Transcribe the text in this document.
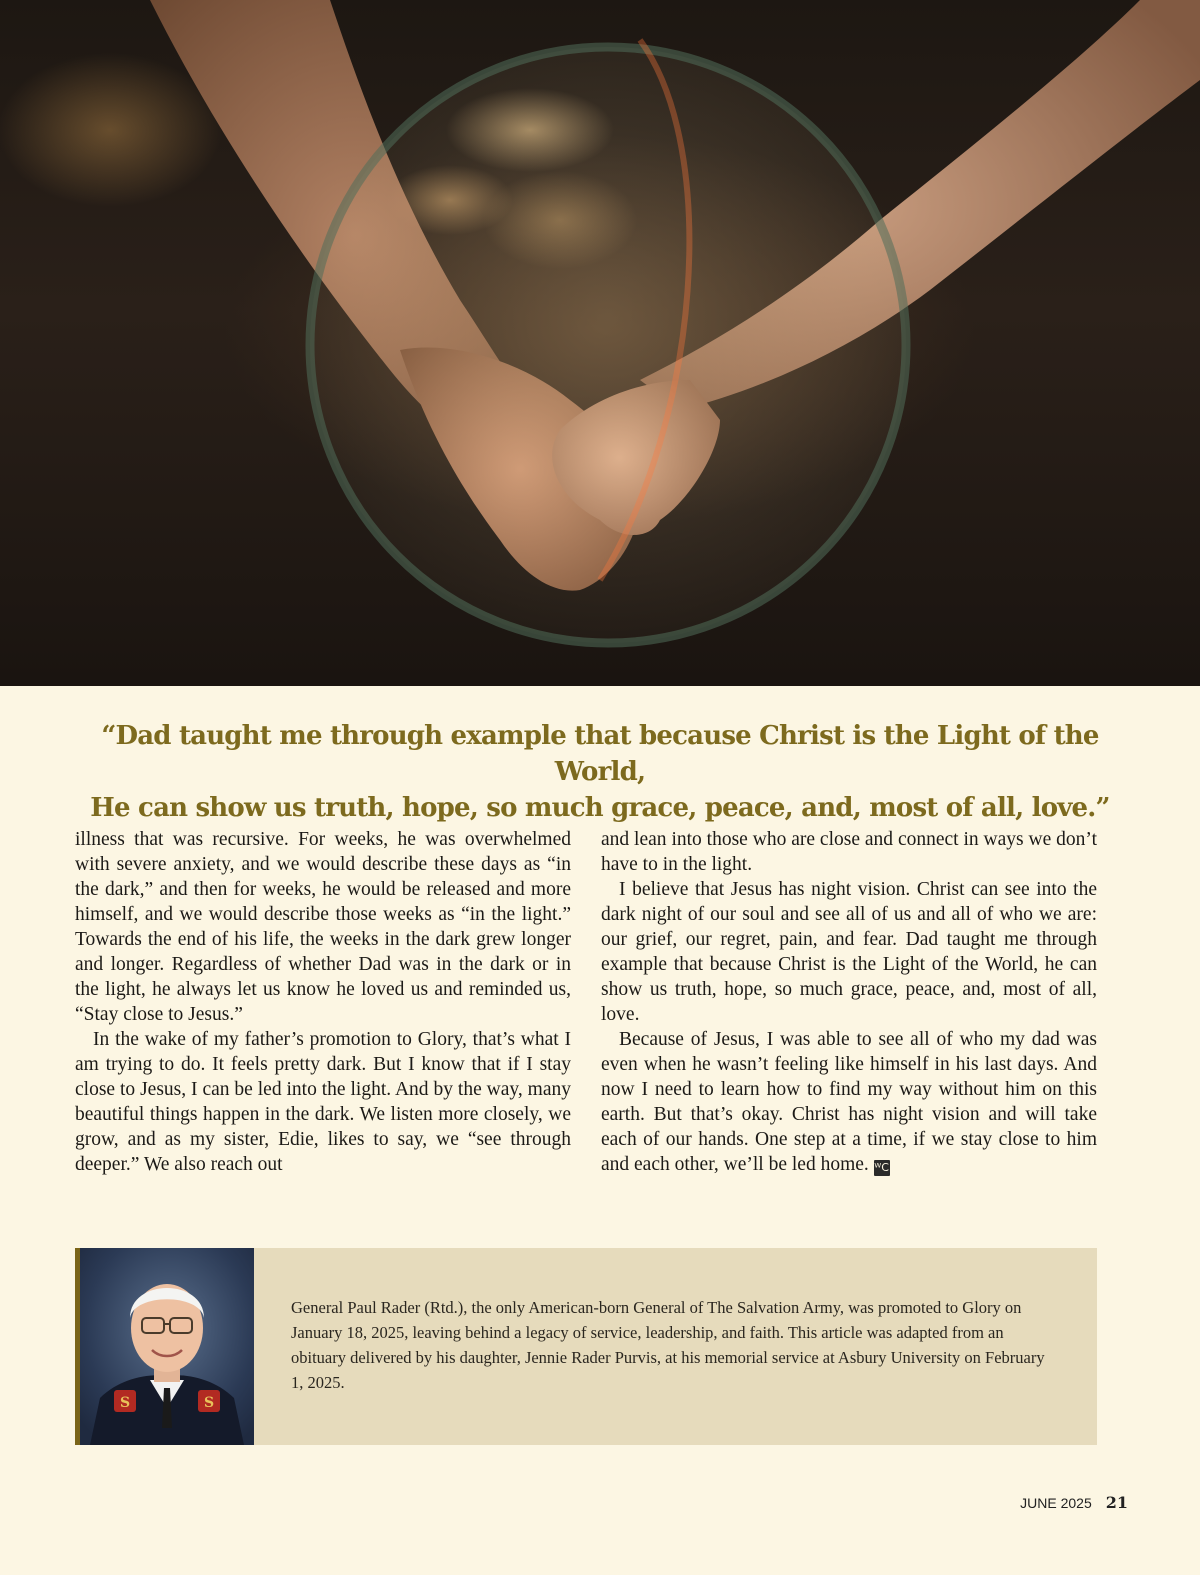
“Dad taught me through example that because Christ is the Light of the World,
He can show us truth, hope, so much grace, peace, and, most of all, love.”

illness that was recursive. For weeks, he was overwhelmed with severe anxiety, and we would describe these days as “in the dark,” and then for weeks, he would be released and more himself, and we would describe those weeks as “in the light.” Towards the end of his life, the weeks in the dark grew longer and longer. Regardless of whether Dad was in the dark or in the light, he always let us know he loved us and reminded us, “Stay close to Jesus.”

In the wake of my father’s promotion to Glory, that’s what I am trying to do. It feels pretty dark. But I know that if I stay close to Jesus, I can be led into the light. And by the way, many beautiful things happen in the dark. We listen more closely, we grow, and as my sister, Edie, likes to say, we “see through deeper.” We also reach out

and lean into those who are close and connect in ways we don’t have to in the light.

I believe that Jesus has night vision. Christ can see into the dark night of our soul and see all of us and all of who we are: our grief, our regret, pain, and fear. Dad taught me through example that because Christ is the Light of the World, he can show us truth, hope, so much grace, peace, and, most of all, love.

Because of Jesus, I was able to see all of who my dad was even when he wasn’t feeling like himself in his last days. And now I need to learn how to find my way without him on this earth. But that’s okay. Christ has night vision and will take each of our hands. One step at a time, if we stay close to him and each other, we’ll be led home. ᵂC

S	S
General Paul Rader (Rtd.), the only American-born General of The Salvation Army, was promoted to Glory on January 18, 2025, leaving behind a legacy of service, leadership, and faith. This article was adapted from an obituary delivered by his daughter, Jennie Rader Purvis, at his memorial service at Asbury University on February 1, 2025.
JUNE 2025 21
